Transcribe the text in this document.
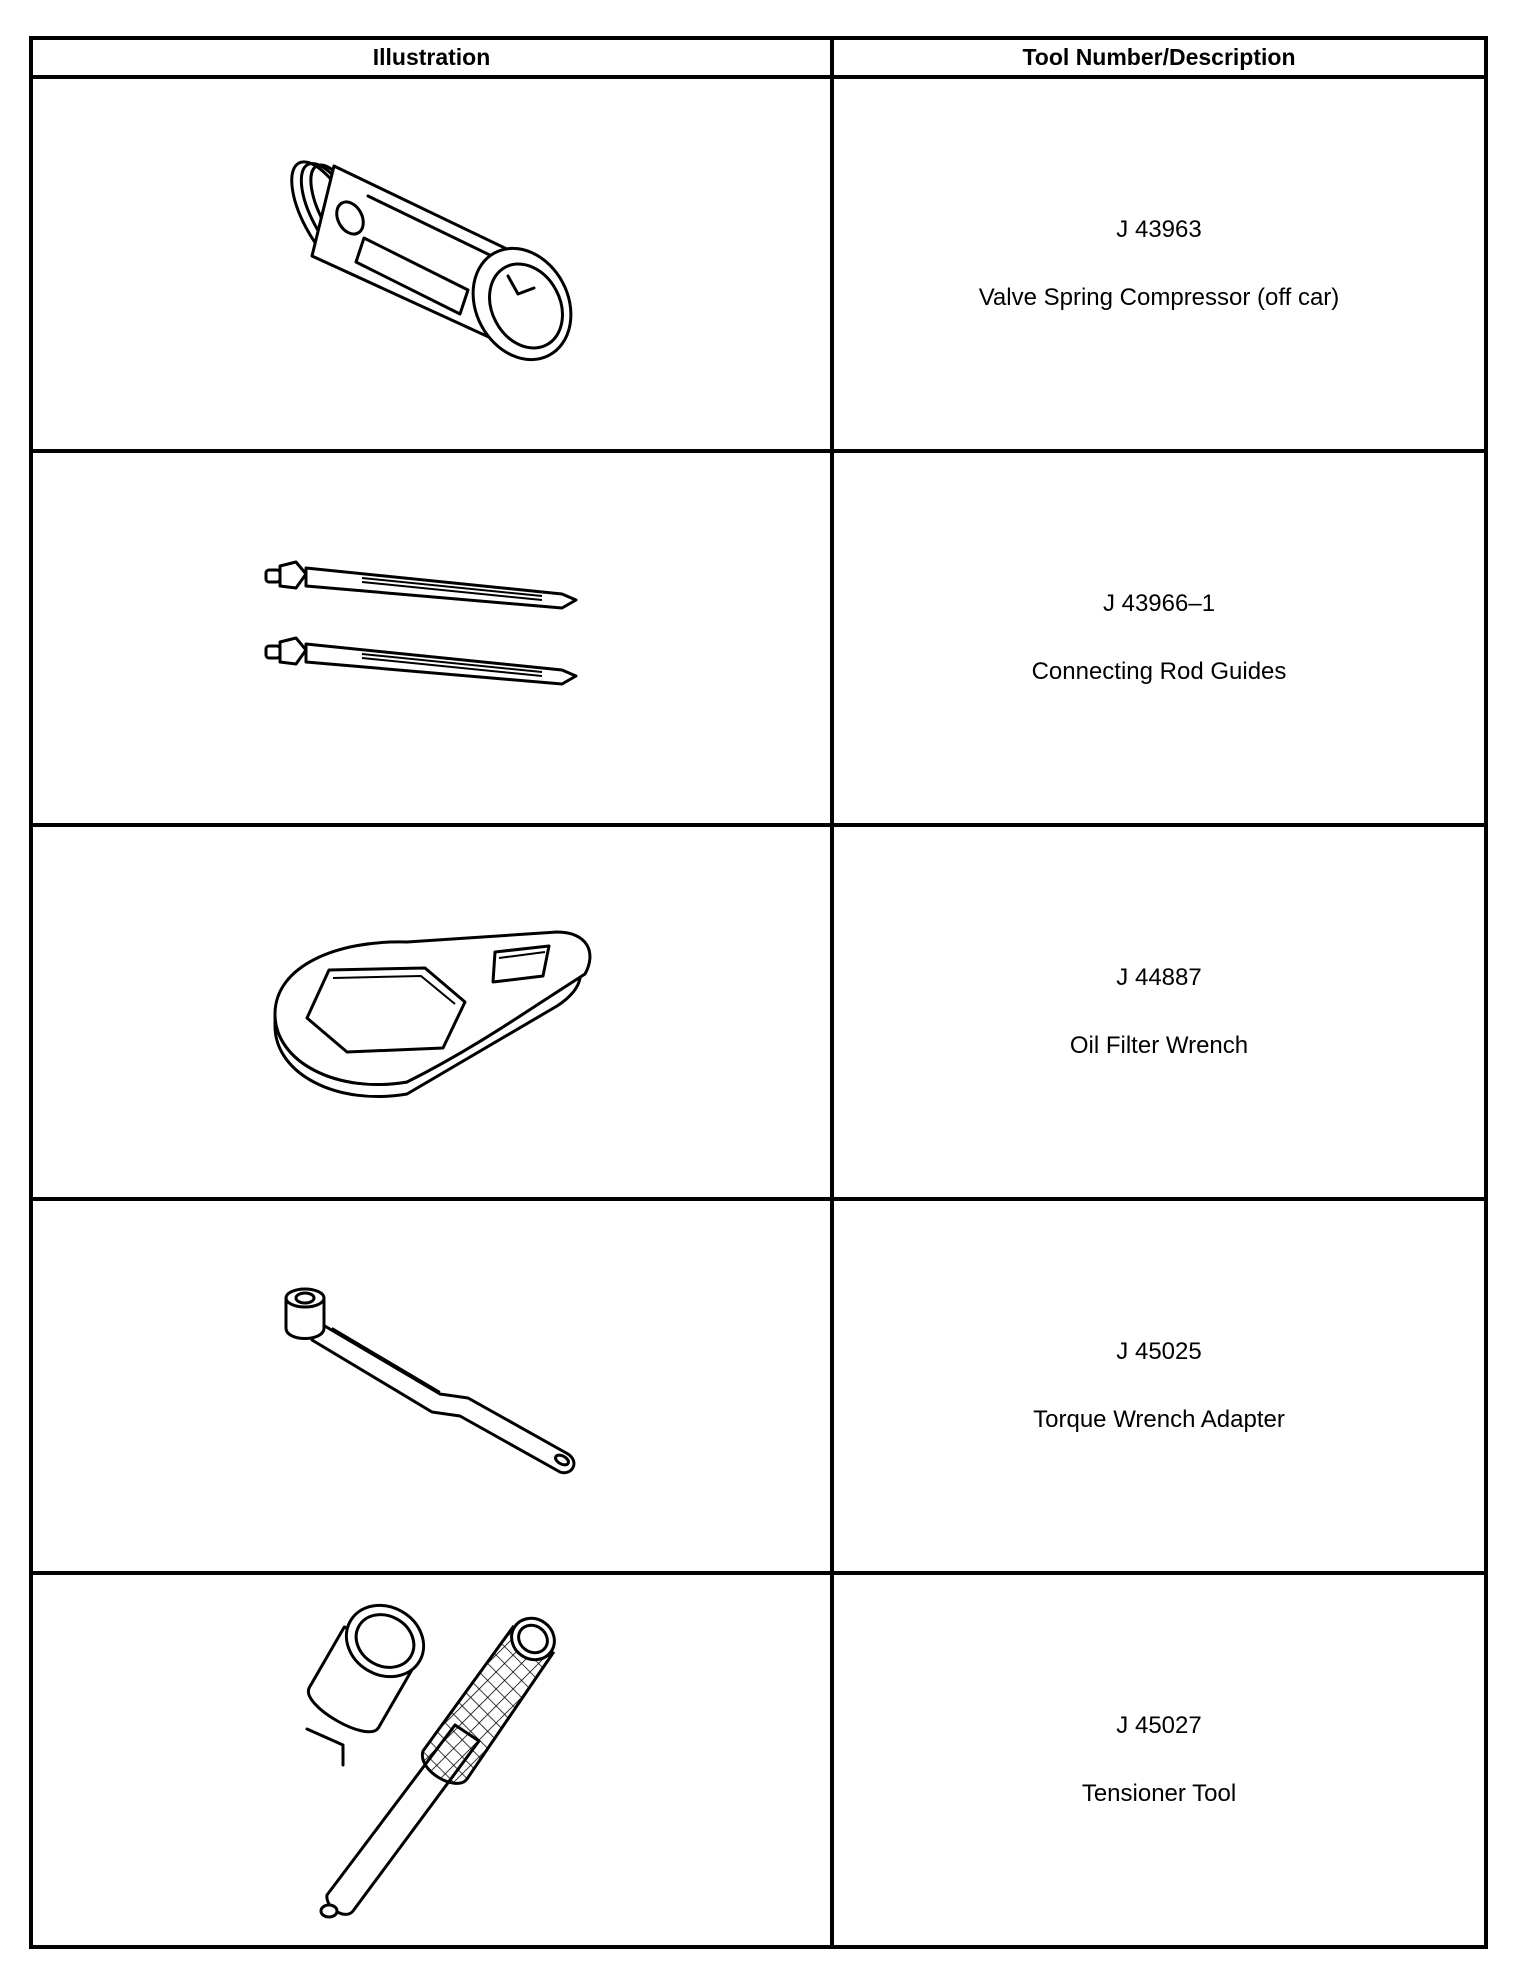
Illustration	Tool Number/Description

J 43963
Valve Spring Compressor (off car)

J 43966–1
Connecting Rod Guides

J 44887
Oil Filter Wrench

J 45025
Torque Wrench Adapter

J 45027
Tensioner Tool
